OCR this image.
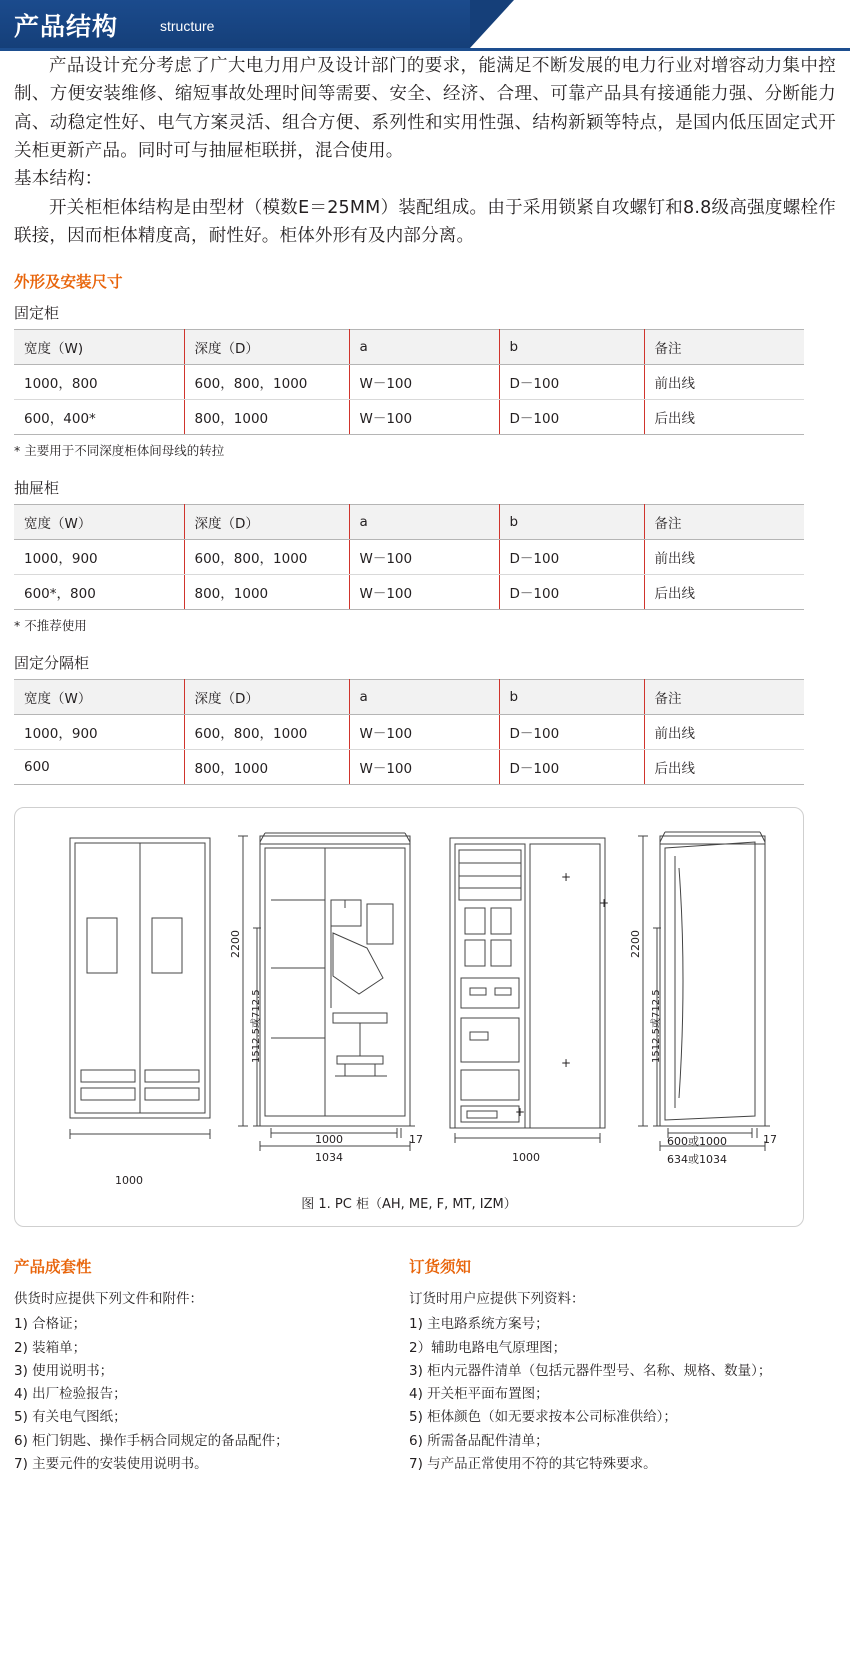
产品结构	structure

产品设计充分考虑了广大电力用户及设计部门的要求，能满足不断发展的电力行业对增容动力集中控制、方便安装维修、缩短事故处理时间等需要、安全、经济、合理、可靠产品具有接通能力强、分断能力高、动稳定性好、电气方案灵活、组合方便、系列性和实用性强、结构新颖等特点，是国内低压固定式开关柜更新产品。同时可与抽屉柜联拼，混合使用。

基本结构：

开关柜柜体结构是由型材（模数E＝25MM）装配组成。由于采用锁紧自攻螺钉和8.8级高强度螺栓作联接，因而柜体精度高，耐性好。柜体外形有及内部分离。

外形及安装尺寸
固定柜
宽度（W)	深度（D）	a	b	备注
1000，800	600，800，1000	W－100	D－100	前出线
600，400*	800，1000	W－100	D－100	后出线
* 主要用于不同深度柜体间母线的转拉
抽屉柜
宽度（W）	深度（D）	a	b	备注
1000，900	600，800，1000	W－100	D－100	前出线
600*，800	800，1000	W－100	D－100	后出线
* 不推荐使用
固定分隔柜
宽度（W）	深度（D）	a	b	备注
1000，900	600，800，1000	W－100	D－100	前出线
600	800，1000	W－100	D－100	后出线
1000
2200
1512.5或712.5
1000
1034
17
1000
2200
1512.5或712.5
600或1000
634或1034
17
+
+
+
+
图 1. PC 柜（AH, ME, F, MT, IZM）
产品成套性

供货时应提供下列文件和附件：

1) 合格证；
2) 装箱单；
3) 使用说明书；
4) 出厂检验报告；
5) 有关电气图纸；
6) 柜门钥匙、操作手柄合同规定的备品配件；
7) 主要元件的安装使用说明书。
订货须知

订货时用户应提供下列资料：

1) 主电路系统方案号；
2）辅助电路电气原理图；
3) 柜内元器件清单（包括元器件型号、名称、规格、数量）；
4) 开关柜平面布置图；
5) 柜体颜色（如无要求按本公司标准供给）；
6) 所需备品配件清单；
7) 与产品正常使用不符的其它特殊要求。
